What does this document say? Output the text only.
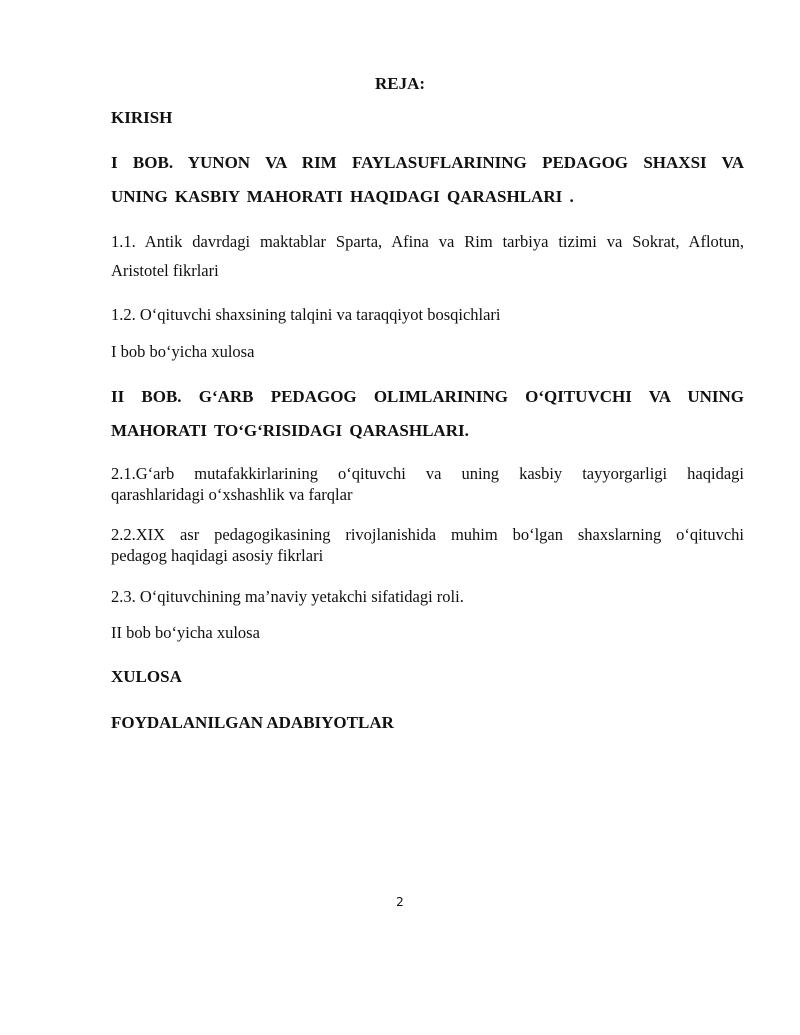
REJA:
KIRISH
I BOB. YUNON VA RIM FAYLASUFLARINING PEDAGOG SHAXSI VA
UNING KASBIY MAHORATI HAQIDAGI QARASHLARI .
1.1. Antik davrdagi maktablar Sparta, Afina va Rim tarbiya tizimi va Sokrat, Aflotun,
Aristotel fikrlari
1.2. O‘qituvchi shaxsining talqini va taraqqiyot bosqichlari
I bob bo‘yicha xulosa
II BOB. G‘ARB PEDAGOG OLIMLARINING O‘QITUVCHI VA UNING
MAHORATI TO‘G‘RISIDAGI QARASHLARI.
2.1.G‘arb mutafakkirlarining o‘qituvchi va uning kasbiy tayyorgarligi haqidagi
qarashlaridagi o‘xshashlik va farqlar
2.2.XIX asr pedagogikasining rivojlanishida muhim bo‘lgan shaxslarning o‘qituvchi
pedagog haqidagi asosiy fikrlari
2.3. O‘qituvchining ma’naviy yetakchi sifatidagi roli.
II bob bo‘yicha xulosa
XULOSA
FOYDALANILGAN ADABIYOTLAR
2
